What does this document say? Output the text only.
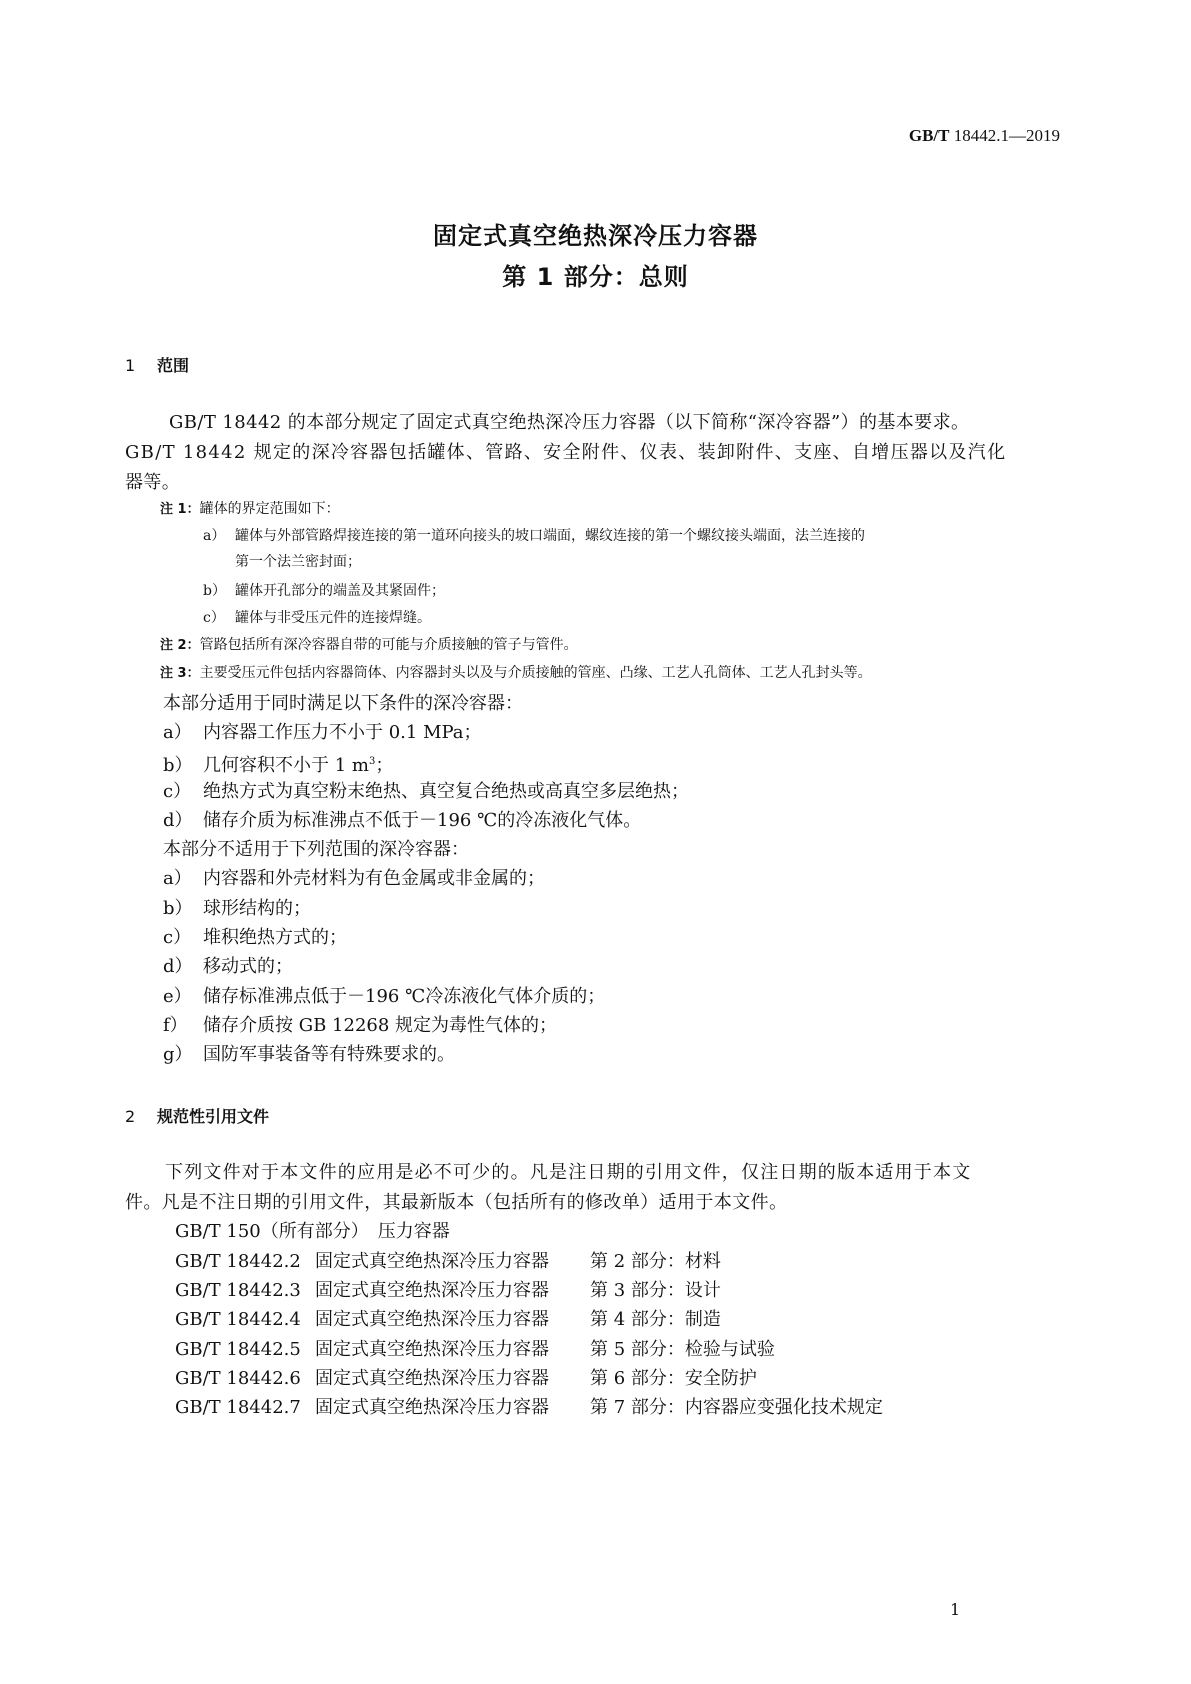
GB/T 18442.1—2019
固定式真空绝热深冷压力容器
第 1 部分：总则
1 范围
GB/T 18442 的本部分规定了固定式真空绝热深冷压力容器（以下简称“深冷容器”）的基本要求。
GB/T 18442 规定的深冷容器包括罐体、管路、安全附件、仪表、装卸附件、支座、自增压器以及汽化
器等。
注 1：罐体的界定范围如下：
a） 罐体与外部管路焊接连接的第一道环向接头的坡口端面，螺纹连接的第一个螺纹接头端面，法兰连接的
第一个法兰密封面；
b） 罐体开孔部分的端盖及其紧固件；
c） 罐体与非受压元件的连接焊缝。
注 2：管路包括所有深冷容器自带的可能与介质接触的管子与管件。
注 3：主要受压元件包括内容器筒体、内容器封头以及与介质接触的管座、凸缘、工艺人孔筒体、工艺人孔封头等。
本部分适用于同时满足以下条件的深冷容器：
a） 内容器工作压力不小于 0.1 MPa；
b） 几何容积不小于 1 $m^3$；
c） 绝热方式为真空粉末绝热、真空复合绝热或高真空多层绝热；
d） 储存介质为标准沸点不低于－196 ℃的冷冻液化气体。
本部分不适用于下列范围的深冷容器：
a） 内容器和外壳材料为有色金属或非金属的；
b） 球形结构的；
c） 堆积绝热方式的；
d） 移动式的；
e） 储存标准沸点低于－196 ℃冷冻液化气体介质的；
f） 储存介质按 GB 12268 规定为毒性气体的；
g） 国防军事装备等有特殊要求的。
2 规范性引用文件
下列文件对于本文件的应用是必不可少的。凡是注日期的引用文件，仅注日期的版本适用于本文
件。凡是不注日期的引用文件，其最新版本（包括所有的修改单）适用于本文件。
GB/T 150（所有部分）　压力容器
GB/T 18442.2 固定式真空绝热深冷压力容器 第 2 部分：材料
GB/T 18442.3 固定式真空绝热深冷压力容器 第 3 部分：设计
GB/T 18442.4 固定式真空绝热深冷压力容器 第 4 部分：制造
GB/T 18442.5 固定式真空绝热深冷压力容器 第 5 部分：检验与试验
GB/T 18442.6 固定式真空绝热深冷压力容器 第 6 部分：安全防护
GB/T 18442.7 固定式真空绝热深冷压力容器 第 7 部分：内容器应变强化技术规定
1
